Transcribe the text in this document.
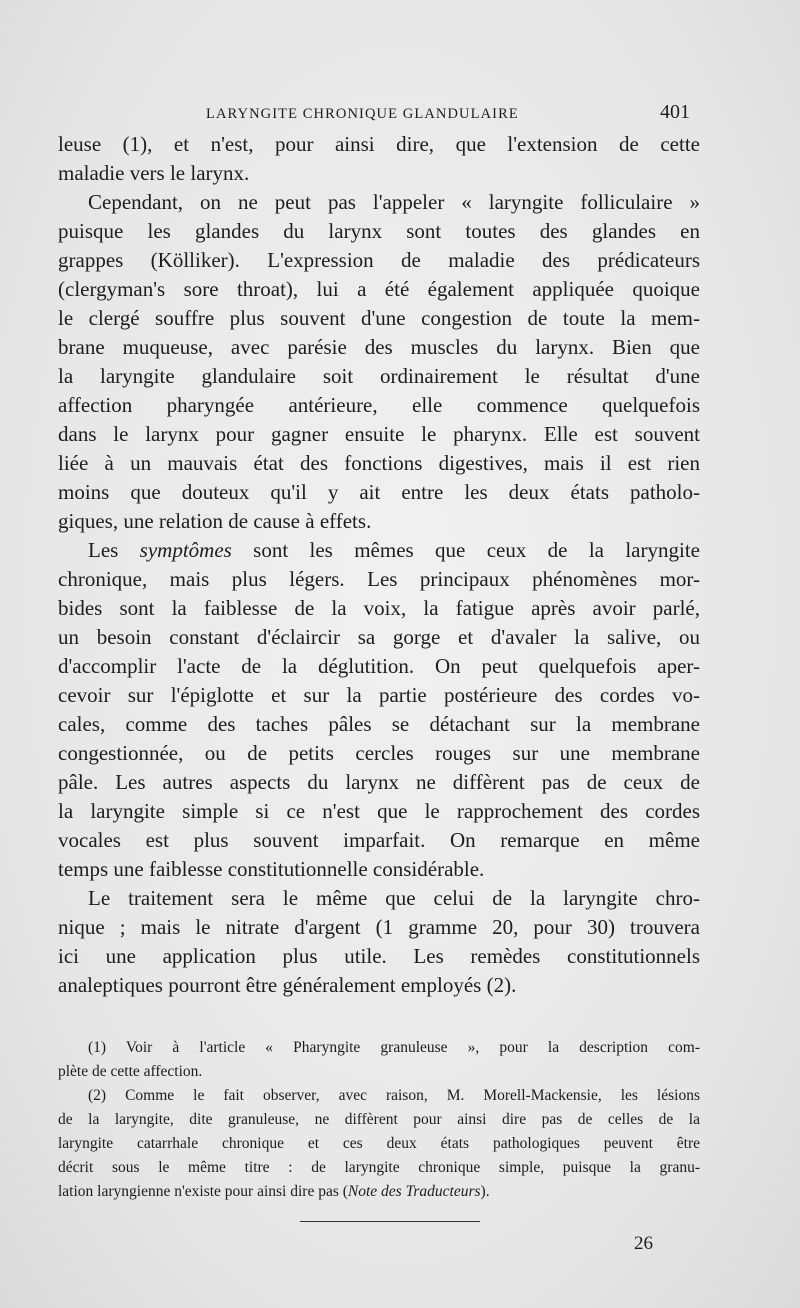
LARYNGITE CHRONIQUE GLANDULAIRE	401
leuse (1), et n'est, pour ainsi dire, que l'extension de cette
maladie vers le larynx.
Cependant, on ne peut pas l'appeler « laryngite folliculaire »
puisque les glandes du larynx sont toutes des glandes en
grappes (Kölliker). L'expression de maladie des prédicateurs
(clergyman's sore throat), lui a été également appliquée quoique
le clergé souffre plus souvent d'une congestion de toute la mem-
brane muqueuse, avec parésie des muscles du larynx. Bien que
la laryngite glandulaire soit ordinairement le résultat d'une
affection pharyngée antérieure, elle commence quelquefois
dans le larynx pour gagner ensuite le pharynx. Elle est souvent
liée à un mauvais état des fonctions digestives, mais il est rien
moins que douteux qu'il y ait entre les deux états patholo-
giques, une relation de cause à effets.
Les symptômes sont les mêmes que ceux de la laryngite
chronique, mais plus légers. Les principaux phénomènes mor-
bides sont la faiblesse de la voix, la fatigue après avoir parlé,
un besoin constant d'éclaircir sa gorge et d'avaler la salive, ou
d'accomplir l'acte de la déglutition. On peut quelquefois aper-
cevoir sur l'épiglotte et sur la partie postérieure des cordes vo-
cales, comme des taches pâles se détachant sur la membrane
congestionnée, ou de petits cercles rouges sur une membrane
pâle. Les autres aspects du larynx ne diffèrent pas de ceux de
la laryngite simple si ce n'est que le rapprochement des cordes
vocales est plus souvent imparfait. On remarque en même
temps une faiblesse constitutionnelle considérable.
Le traitement sera le même que celui de la laryngite chro-
nique ; mais le nitrate d'argent (1 gramme 20, pour 30) trouvera
ici une application plus utile. Les remèdes constitutionnels
analeptiques pourront être généralement employés (2).
(1) Voir à l'article « Pharyngite granuleuse », pour la description com-
plète de cette affection.
(2) Comme le fait observer, avec raison, M. Morell-Mackensie, les lésions
de la laryngite, dite granuleuse, ne diffèrent pour ainsi dire pas de celles de la
laryngite catarrhale chronique et ces deux états pathologiques peuvent être
décrit sous le même titre : de laryngite chronique simple, puisque la granu-
lation laryngienne n'existe pour ainsi dire pas (Note des Traducteurs).
26
